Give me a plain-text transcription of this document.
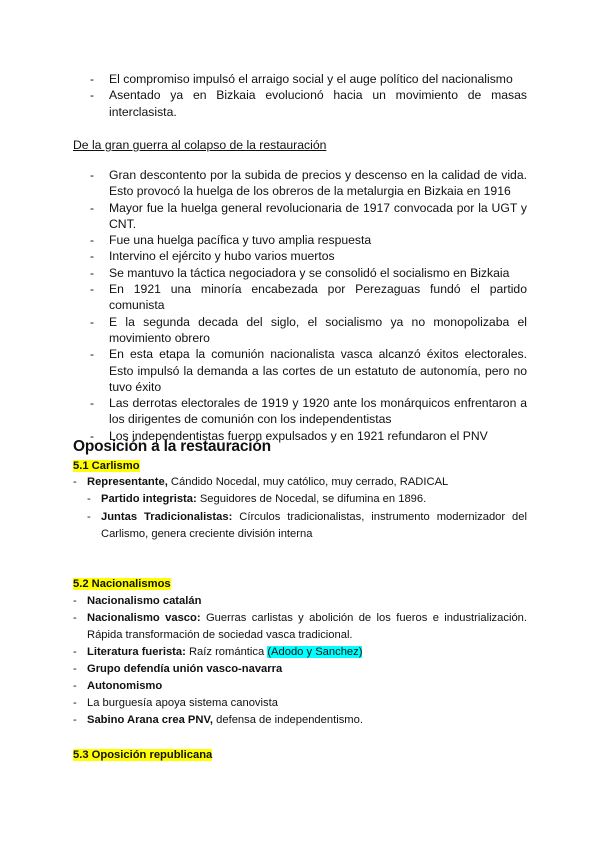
- El compromiso impulsó el arraigo social y el auge político del nacionalismo
- Asentado ya en Bizkaia evolucionó hacia un movimiento de masas interclasista.
De la gran guerra al colapso de la restauración
- Gran descontento por la subida de precios y descenso en la calidad de vida. Esto provocó la huelga de los obreros de la metalurgia en Bizkaia en 1916
- Mayor fue la huelga general revolucionaria de 1917 convocada por la UGT y CNT.
- Fue una huelga pacífica y tuvo amplia respuesta
- Intervino el ejército y hubo varios muertos
- Se mantuvo la táctica negociadora y se consolidó el socialismo en Bizkaia
- En 1921 una minoría encabezada por Perezaguas fundó el partido comunista
- E la segunda decada del siglo, el socialismo ya no monopolizaba el movimiento obrero
- En esta etapa la comunión nacionalista vasca alcanzó éxitos electorales. Esto impulsó la demanda a las cortes de un estatuto de autonomía, pero no tuvo éxito
- Las derrotas electorales de 1919 y 1920 ante los monárquicos enfrentaron a los dirigentes de comunión con los independentistas
- Los independentistas fueron expulsados y en 1921 refundaron el PNV
Oposición a la restauración
5.1 Carlismo
- Representante, Cándido Nocedal, muy católico, muy cerrado, RADICAL
- Partido integrista: Seguidores de Nocedal, se difumina en 1896.
- Juntas Tradicionalistas: Círculos tradicionalistas, instrumento modernizador del Carlismo, genera creciente división interna
5.2 Nacionalismos
- Nacionalismo catalán
- Nacionalismo vasco: Guerras carlistas y abolición de los fueros e industrialización. Rápida transformación de sociedad vasca tradicional.
- Literatura fuerista: Raíz romántica (Adodo y Sanchez)
- Grupo defendía unión vasco-navarra
- Autonomismo
- La burguesía apoya sistema canovista
- Sabino Arana crea PNV, defensa de independentismo.
5.3 Oposición republicana
